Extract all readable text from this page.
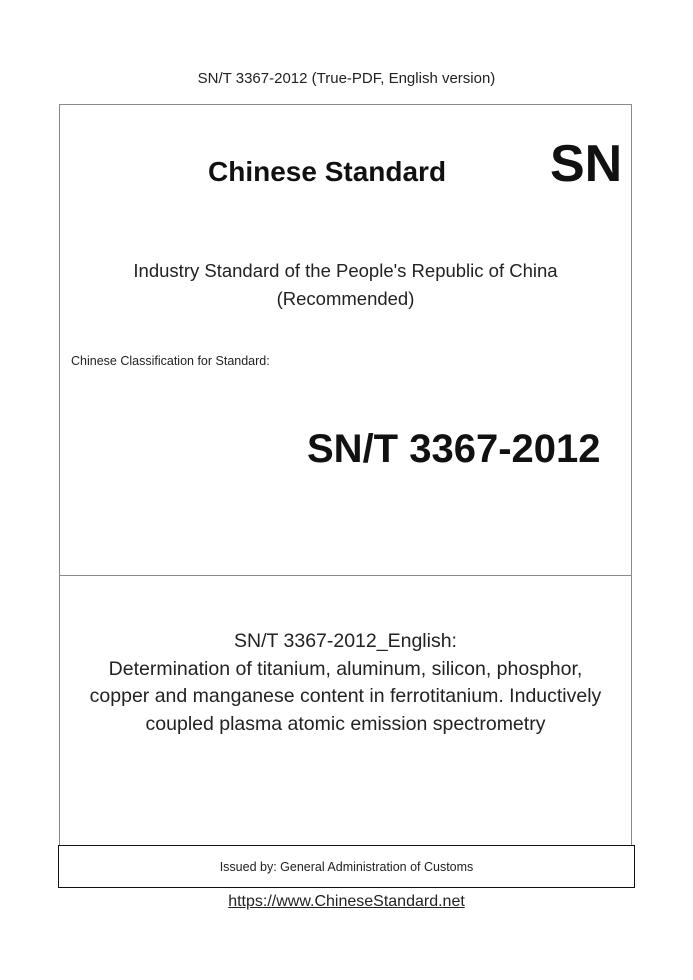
SN/T 3367-2012 (True-PDF, English version)
Chinese Standard SN
Industry Standard of the People's Republic of China
(Recommended)
Chinese Classification for Standard:
SN/T 3367-2012
SN/T 3367-2012_English:
Determination of titanium, aluminum, silicon, phosphor,
copper and manganese content in ferrotitanium. Inductively
coupled plasma atomic emission spectrometry
Issued by: General Administration of Customs
https://www.ChineseStandard.net
